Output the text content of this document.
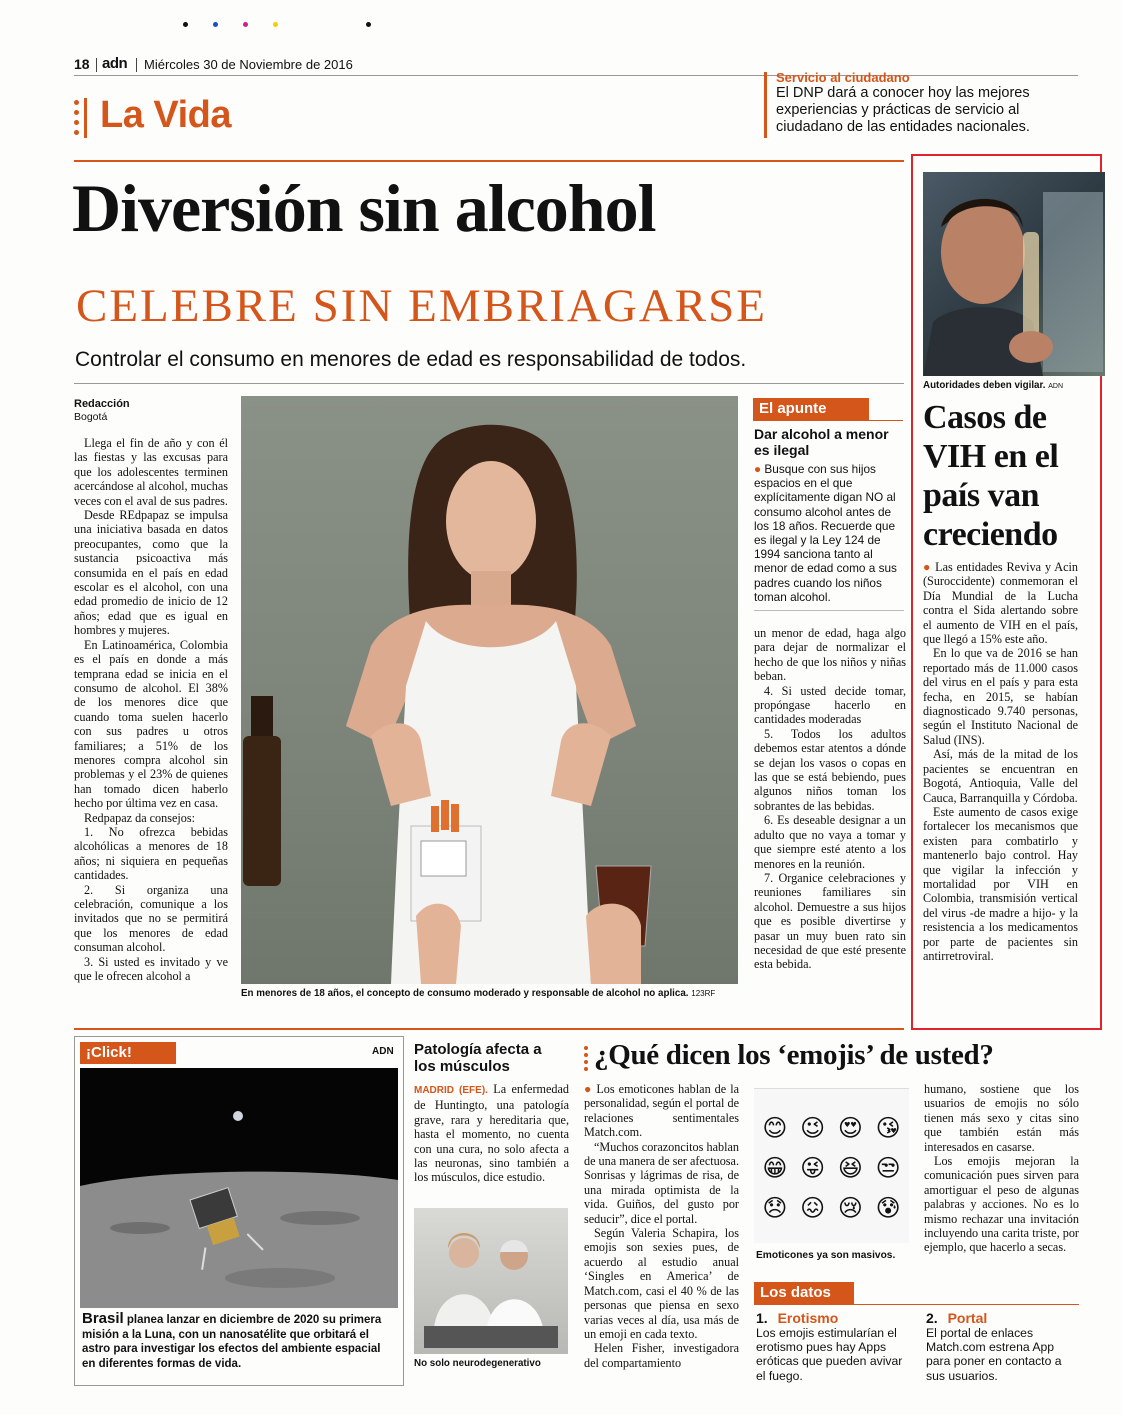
18 adn Miércoles 30 de Noviembre de 2016
La Vida
Servicio al ciudadano
El DNP dará a conocer hoy las mejores experiencias y prácticas de servicio al ciudadano de las entidades nacionales.
Diversión sin alcohol
CELEBRE SIN EMBRIAGARSE
Controlar el consumo en menores de edad es responsabilidad de todos.
Redacción
Bogotá

Llega el fin de año y con él las fiestas y las excusas para que los adolescentes terminen acercándose al alcohol, muchas veces con el aval de sus padres.

Desde REdpapaz se impulsa una iniciativa basada en datos preocupantes, como que la sustancia psicoactiva más consumida en el país en edad escolar es el alcohol, con una edad promedio de inicio de 12 años; edad que es igual en hombres y mujeres.

En Latinoamérica, Colombia es el país en donde a más temprana edad se inicia en el consumo de alcohol. El 38% de los menores dice que cuando toma suelen hacerlo con sus padres u otros familiares; a 51% de los menores compra alcohol sin problemas y el 23% de quienes han tomado dicen haberlo hecho por última vez en casa.

Redpapaz da consejos:

1. No ofrezca bebidas alcohólicas a menores de 18 años; ni siquiera en pequeñas cantidades.

2. Si organiza una celebración, comunique a los invitados que no se permitirá que los menores de edad consuman alcohol.

3. Si usted es invitado y ve que le ofrecen alcohol a

En menores de 18 años, el concepto de consumo moderado y responsable de alcohol no aplica. 123RF
El apunte
Dar alcohol a menor es ilegal
● Busque con sus hijos espacios en el que explícitamente digan NO al consumo alcohol antes de los 18 años. Recuerde que es ilegal y la Ley 124 de 1994 sanciona tanto al menor de edad como a sus padres cuando los niños toman alcohol.

un menor de edad, haga algo para dejar de normalizar el hecho de que los niños y niñas beban.

4. Si usted decide tomar, propóngase hacerlo en cantidades moderadas

5. Todos los adultos debemos estar atentos a dónde se dejan los vasos o copas en las que se está bebiendo, pues algunos niños toman los sobrantes de las bebidas.

6. Es deseable designar a un adulto que no vaya a tomar y que siempre esté atento a los menores en la reunión.

7. Organice celebraciones y reuniones familiares sin alcohol. Demuestre a sus hijos que es posible divertirse y pasar un muy buen rato sin necesidad de que esté presente esta bebida.

Autoridades deben vigilar. ADN
Casos de VIH en el país van creciendo

● Las entidades Reviva y Acin (Suroccidente) conmemoran el Día Mundial de la Lucha contra el Sida alertando sobre el aumento de VIH en el país, que llegó a 15% este año.

En lo que va de 2016 se han reportado más de 11.000 casos del virus en el país y para esta fecha, en 2015, se habían diagnosticado 9.740 personas, según el Instituto Nacional de Salud (INS).

Así, más de la mitad de los pacientes se encuentran en Bogotá, Antioquia, Valle del Cauca, Barranquilla y Córdoba.

Este aumento de casos exige fortalecer los mecanismos que existen para combatirlo y mantenerlo bajo control. Hay que vigilar la infección y mortalidad por VIH en Colombia, transmisión vertical del virus -de madre a hijo- y la resistencia a los medicamentos por parte de pacientes sin antirretroviral.

¡Click!	ADN
Brasil planea lanzar en diciembre de 2020 su primera misión a la Luna, con un nanosatélite que orbitará el astro para investigar los efectos del ambiente espacial en diferentes formas de vida.
Patología afecta a los músculos
MADRID (EFE). La enfermedad de Huntingto, una patología grave, rara y hereditaria que, hasta el momento, no cuenta con una cura, no solo afecta a las neuronas, sino también a los músculos, dice estudio.
No solo neurodegenerativo
¿Qué dicen los ‘emojis’ de usted?

● Los emoticones hablan de la personalidad, según el portal de relaciones sentimentales Match.com.

“Muchos corazoncitos hablan de una manera de ser afectuosa. Sonrisas y lágrimas de risa, de una mirada optimista de la vida. Guiños, del gusto por seducir”, dice el portal.

Según Valeria Schapira, los emojis son sexies pues, de acuerdo al estudio anual ‘Singles en America’ de Match.com, casi el 40 % de las personas que piensa en sexo varias veces al día, usa más de un emoji en cada texto.

Helen Fisher, investigadora del compartamiento

😊 😉 😍 😘
😁 😜 😆 😒
😞 😖 😢 😰
Emoticones ya son masivos.

humano, sostiene que los usuarios de emojis no sólo tienen más sexo y citas sino que también están más interesados en casarse.

Los emojis mejoran la comunicación pues sirven para amortiguar el peso de algunas palabras y acciones. No es lo mismo rechazar una invitación incluyendo una carita triste, por ejemplo, que hacerlo a secas.

Los datos
1. Erotismo
Los emojis estimularían el erotismo pues hay Apps eróticas que pueden avivar el fuego.
2. Portal
El portal de enlaces Match.com estrena App para poner en contacto a sus usuarios.
